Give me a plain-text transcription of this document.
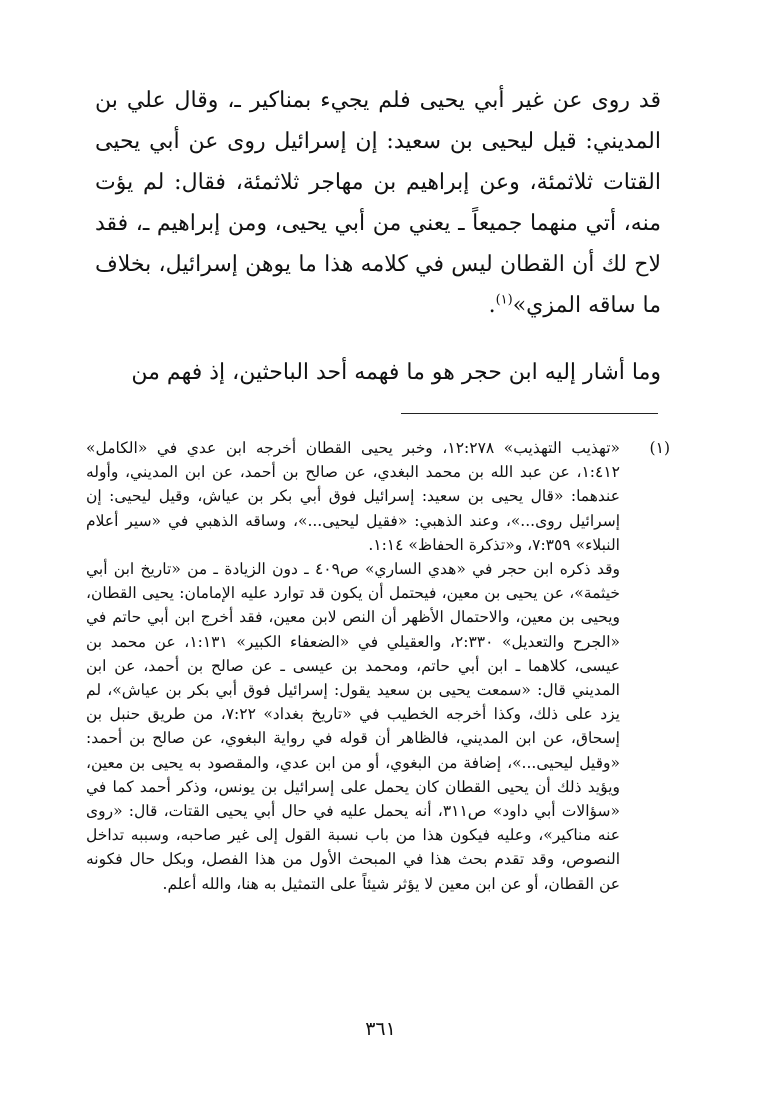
قد روى عن غير أبي يحيى فلم يجيء بمناكير ـ، وقال علي بن المديني: قيل ليحيى بن سعيد: إن إسرائيل روى عن أبي يحيى القتات ثلاثمئة، وعن إبراهيم بن مهاجر ثلاثمئة، فقال: لم يؤت منه، أتي منهما جميعاً ـ يعني من أبي يحيى، ومن إبراهيم ـ، فقد لاح لك أن القطان ليس في كلامه هذا ما يوهن إسرائيل، بخلاف ما ساقه المزي»$^{(١)}$.

وما أشار إليه ابن حجر هو ما فهمه أحد الباحثين، إذ فهم من

(١)

«تهذيب التهذيب» ١٢:٢٧٨، وخبر يحيى القطان أخرجه ابن عدي في «الكامل» ١:٤١٢، عن عبد الله بن محمد البغدي، عن صالح بن أحمد، عن ابن المديني، وأوله عندهما: «قال يحيى بن سعيد: إسرائيل فوق أبي بكر بن عياش، وقيل ليحيى: إن إسرائيل روى...»، وعند الذهبي: «فقيل ليحيى...»، وساقه الذهبي في «سير أعلام النبلاء» ٧:٣٥٩، و«تذكرة الحفاظ» ١:١٤.

وقد ذكره ابن حجر في «هدي الساري» ص٤٠٩ ـ دون الزيادة ـ من «تاريخ ابن أبي خيثمة»، عن يحيى بن معين، فيحتمل أن يكون قد توارد عليه الإمامان: يحيى القطان، ويحيى بن معين، والاحتمال الأظهر أن النص لابن معين، فقد أخرج ابن أبي حاتم في «الجرح والتعديل» ٢:٣٣٠، والعقيلي في «الضعفاء الكبير» ١:١٣١، عن محمد بن عيسى، كلاهما ـ ابن أبي حاتم، ومحمد بن عيسى ـ عن صالح بن أحمد، عن ابن المديني قال: «سمعت يحيى بن سعيد يقول: إسرائيل فوق أبي بكر بن عياش»، لم يزد على ذلك، وكذا أخرجه الخطيب في «تاريخ بغداد» ٧:٢٢، من طريق حنبل بن إسحاق، عن ابن المديني، فالظاهر أن قوله في رواية البغوي، عن صالح بن أحمد: «وقيل ليحيى...»، إضافة من البغوي، أو من ابن عدي، والمقصود به يحيى بن معين، ويؤيد ذلك أن يحيى القطان كان يحمل على إسرائيل بن يونس، وذكر أحمد كما في «سؤالات أبي داود» ص٣١١، أنه يحمل عليه في حال أبي يحيى القتات، قال: «روى عنه مناكير»، وعليه فيكون هذا من باب نسبة القول إلى غير صاحبه، وسببه تداخل النصوص، وقد تقدم بحث هذا في المبحث الأول من هذا الفصل، وبكل حال فكونه عن القطان، أو عن ابن معين لا يؤثر شيئاً على التمثيل به هنا، والله أعلم.

٣٦١
